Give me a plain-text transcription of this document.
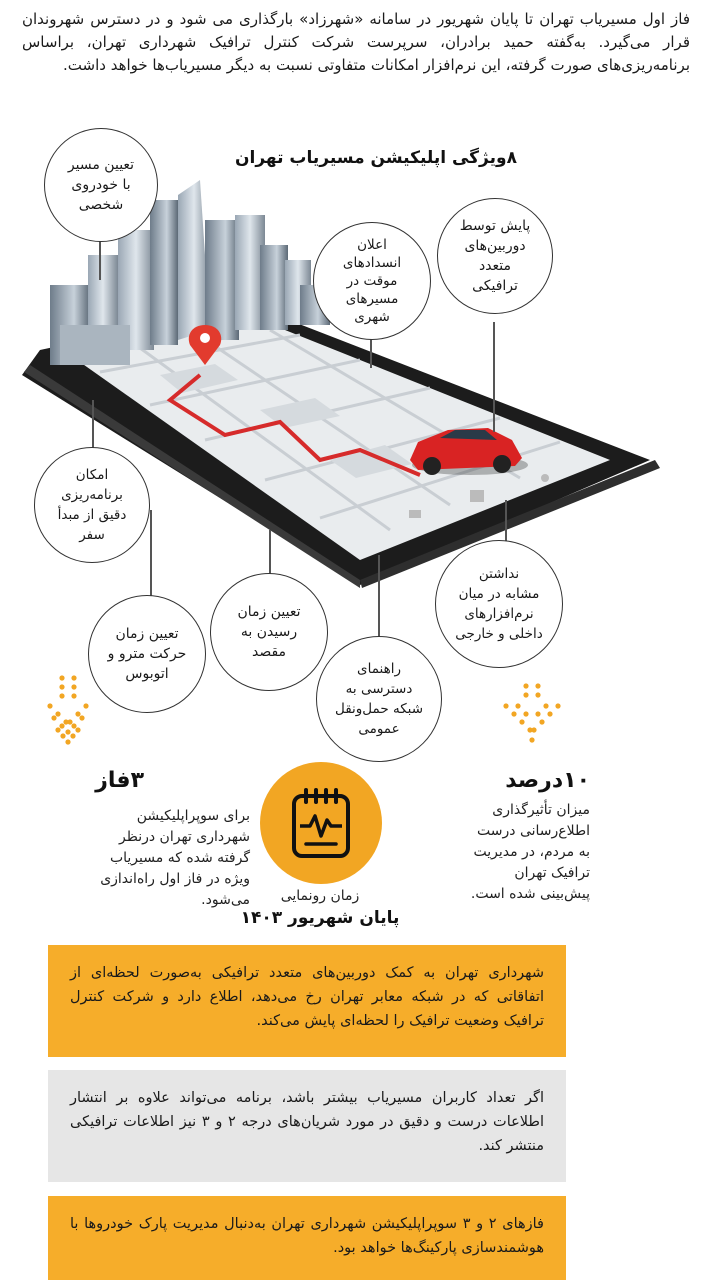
فاز اول مسیریاب تهران تا پایان شهریور در سامانه «شهرزاد» بارگذاری می شود و در دسترس شهروندان قرار می‌گیرد. به‌گفته حمید برادران، سرپرست شرکت کنترل ترافیک شهرداری تهران، براساس برنامه‌ریزی‌های صورت گرفته، این نرم‌افزار امکانات متفاوتی نسبت به دیگر مسیریاب‌ها خواهد داشت.
۸ویژگی اپلیکیشن مسیریاب تهران
تعیین مسیر
با خودروی
شخصی
اعلان
انسدادهای
موقت در
مسیرهای
شهری
پایش توسط
دوربین‌های
متعدد
ترافیکی
امکان
برنامه‌ریزی
دقیق از مبدأ
سفر
نداشتن
مشابه در میان
نرم‌افزارهای
داخلی و خارجی
تعیین زمان
حرکت مترو و
اتوبوس
تعیین زمان
رسیدن به
مقصد
راهنمای
دسترسی به
شبکه حمل‌ونقل
عمومی
۳فاز
برای سوپراپلیکیشن
شهرداری تهران درنظر
گرفته شده که مسیریاب
ویژه در فاز اول راه‌اندازی
می‌شود.
۱۰درصد
میزان تأثیرگذاری
اطلاع‌رسانی درست
به مردم، در مدیریت
ترافیک تهران
پیش‌بینی شده است.
زمان رونمایی
پایان شهریور ۱۴۰۳
شهرداری تهران به کمک دوربین‌های متعدد ترافیکی به‌صورت لحظه‌ای از اتفاقاتی که در شبکه معابر تهران رخ می‌دهد، اطلاع دارد و شرکت کنترل ترافیک وضعیت ترافیک را لحظه‌ای پایش می‌کند.
اگر تعداد کاربران مسیریاب بیشتر باشد، برنامه می‌تواند علاوه بر انتشار اطلاعات درست و دقیق در مورد شریان‌های درجه ۲ و ۳ نیز اطلاعات ترافیکی منتشر کند.
فازهای ۲ و ۳ سوپراپلیکیشن شهرداری تهران به‌دنبال مدیریت پارک خودروها با هوشمندسازی پارکینگ‌ها خواهد بود.
